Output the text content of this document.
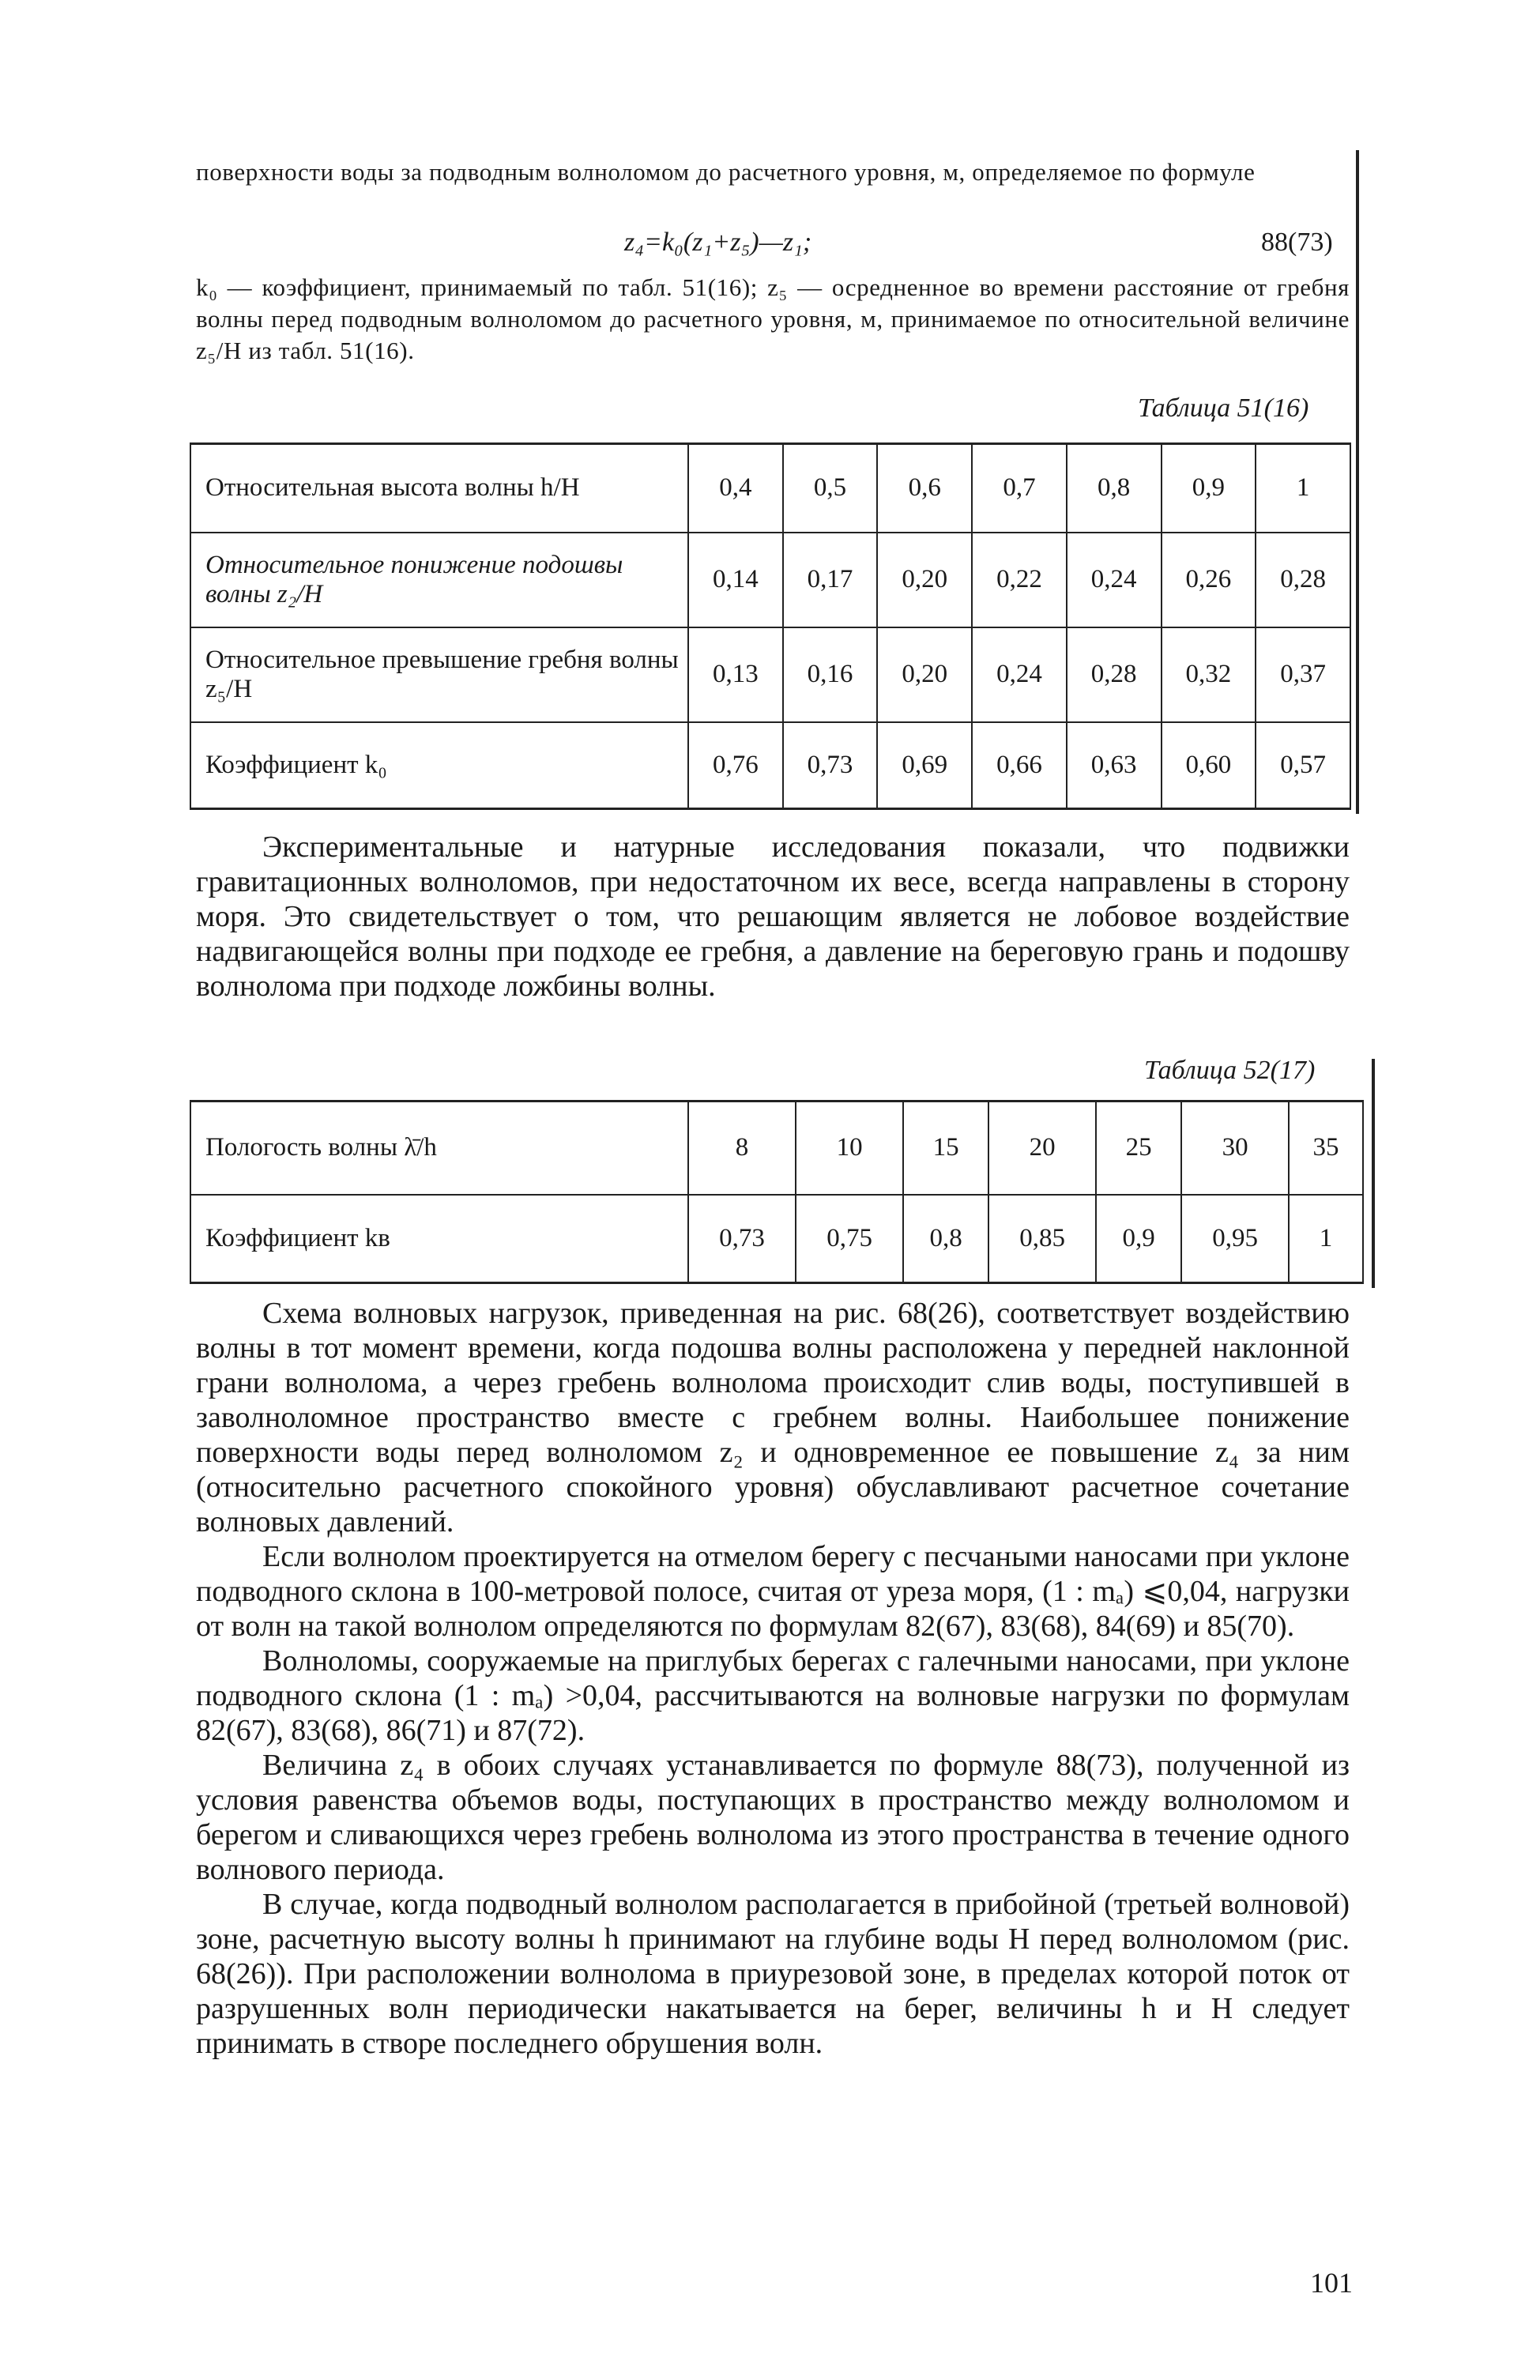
поверхности воды за подводным волноломом до расчетного уровня, м, определяемое по формуле
z₄=k₀(z₁+z₅)—z₁;	88(73)
k₀ — коэффициент, принимаемый по табл. 51(16); z₅ — осредненное во времени расстояние от гребня волны перед подводным волноломом до расчетного уровня, м, принимаемое по относительной величине z₅/H из табл. 51(16).
Таблица 51(16)
Относительная высота волны h/H	0,4	0,5	0,6	0,7	0,8	0,9	1
Относительное понижение подошвы волны z₂/H	0,14	0,17	0,20	0,22	0,24	0,26	0,28
Относительное превышение гребня волны z₅/H	0,13	0,16	0,20	0,24	0,28	0,32	0,37
Коэффициент k₀	0,76	0,73	0,69	0,66	0,63	0,60	0,57

Экспериментальные и натурные исследования показали, что подвижки гравитационных волноломов, при недостаточном их весе, всегда направлены в сторону моря. Это свидетельствует о том, что решающим является не лобовое воздействие надвигающейся волны при подходе ее гребня, а давление на береговую грань и подошву волнолома при подходе ложбины волны.

Таблица 52(17)
Пологость волны λ̄/h	8	10	15	20	25	30	35
Коэффициент kв	0,73	0,75	0,8	0,85	0,9	0,95	1

Схема волновых нагрузок, приведенная на рис. 68(26), соответствует воздействию волны в тот момент времени, когда подошва волны расположена у передней наклонной грани волнолома, а через гребень волнолома происходит слив воды, поступившей в заволноломное пространство вместе с гребнем волны. Наибольшее понижение поверхности воды перед волноломом z₂ и одновременное ее повышение z₄ за ним (относительно расчетного спокойного уровня) обуславливают расчетное сочетание волновых давлений.

Если волнолом проектируется на отмелом берегу с песчаными наносами при уклоне подводного склона в 100-метровой полосе, считая от уреза моря, (1 : mₐ) ⩽0,04, нагрузки от волн на такой волнолом определяются по формулам 82(67), 83(68), 84(69) и 85(70).

Волноломы, сооружаемые на приглубых берегах с галечными наносами, при уклоне подводного склона (1 : mₐ) >0,04, рассчитываются на волновые нагрузки по формулам 82(67), 83(68), 86(71) и 87(72).

Величина z₄ в обоих случаях устанавливается по формуле 88(73), полученной из условия равенства объемов воды, поступающих в пространство между волноломом и берегом и сливающихся через гребень волнолома из этого пространства в течение одного волнового периода.

В случае, когда подводный волнолом располагается в прибойной (третьей волновой) зоне, расчетную высоту волны h принимают на глубине воды H перед волноломом (рис. 68(26)). При расположении волнолома в приурезовой зоне, в пределах которой поток от разрушенных волн периодически накатывается на берег, величины h и H следует принимать в створе последнего обрушения волн.

101
